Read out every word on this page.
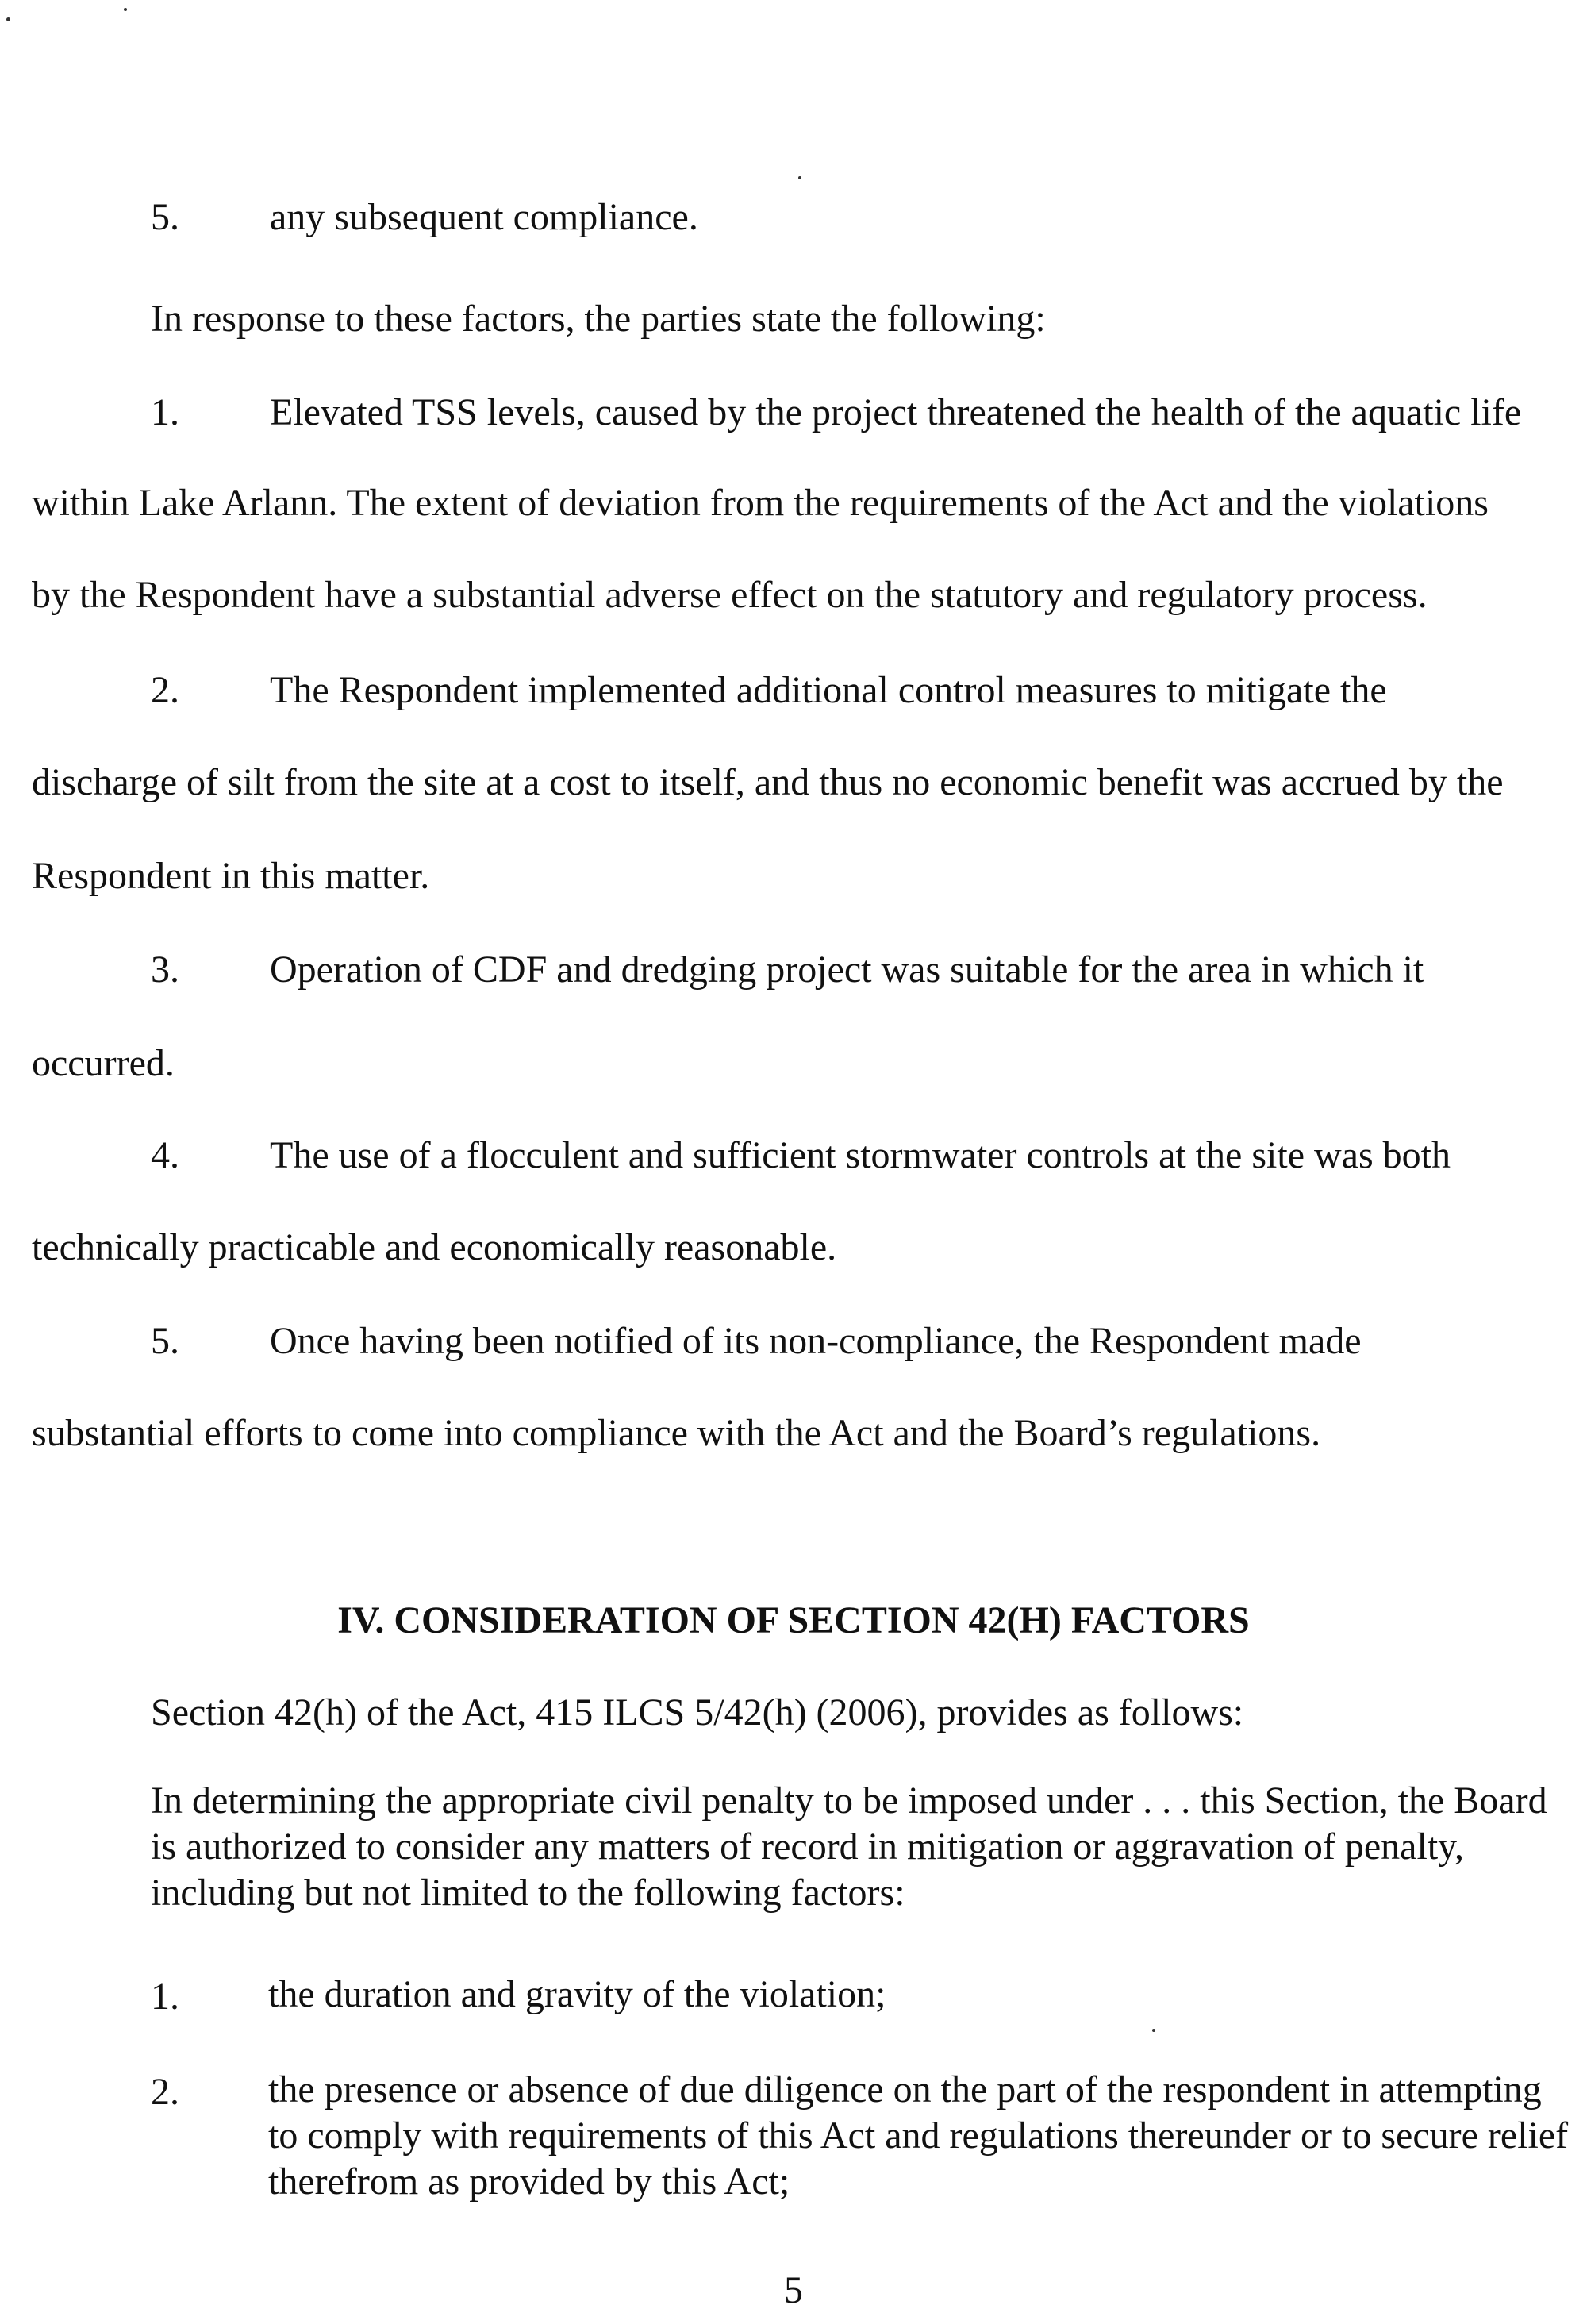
5. any subsequent compliance.
In response to these factors, the parties state the following:
1. Elevated TSS levels, caused by the project threatened the health of the aquatic life
within Lake Arlann. The extent of deviation from the requirements of the Act and the violations
by the Respondent have a substantial adverse effect on the statutory and regulatory process.
2. The Respondent implemented additional control measures to mitigate the
discharge of silt from the site at a cost to itself, and thus no economic benefit was accrued by the
Respondent in this matter.
3. Operation of CDF and dredging project was suitable for the area in which it
occurred.
4. The use of a flocculent and sufficient stormwater controls at the site was both
technically practicable and economically reasonable.
5. Once having been notified of its non-compliance, the Respondent made
substantial efforts to come into compliance with the Act and the Board’s regulations.
IV. CONSIDERATION OF SECTION 42(H) FACTORS
Section 42(h) of the Act, 415 ILCS 5/42(h) (2006), provides as follows:
In determining the appropriate civil penalty to be imposed under . . . this Section, the Board is authorized to consider any matters of record in mitigation or aggravation of penalty, including but not limited to the following factors:
1. the duration and gravity of the violation;
2. the presence or absence of due diligence on the part of the respondent in attempting to comply with requirements of this Act and regulations thereunder or to secure relief therefrom as provided by this Act;
5
